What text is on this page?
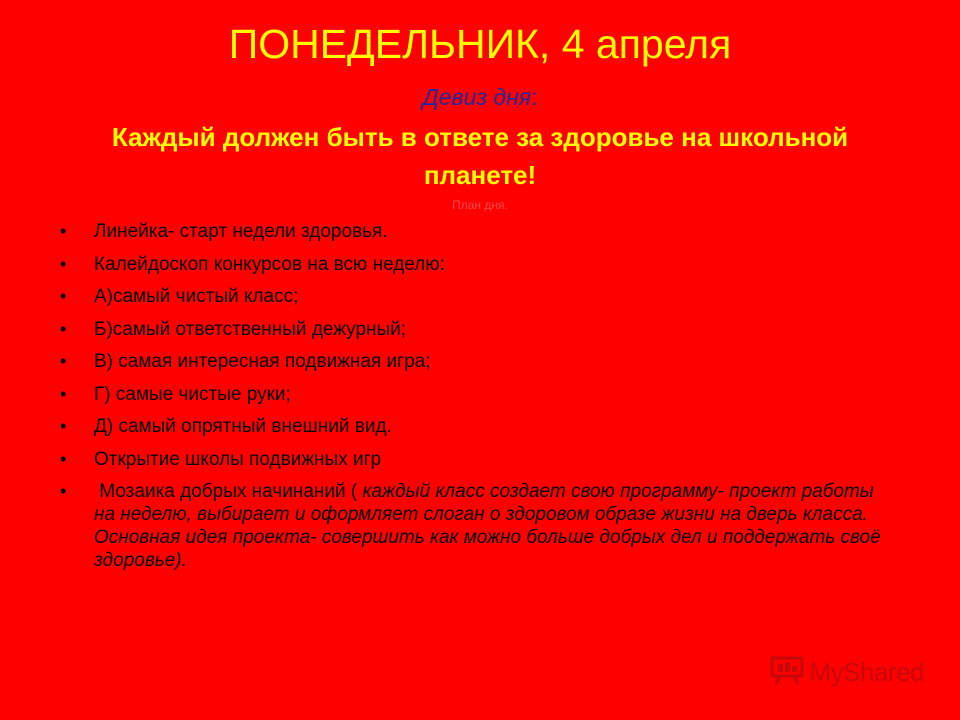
ПОНЕДЕЛЬНИК, 4 апреля
Девиз дня:
Каждый должен быть в ответе за здоровье на школьной планете!
План дня.
• Линейка- старт недели здоровья.
• Калейдоскоп конкурсов на всю неделю:
• А)самый чистый класс;
• Б)самый ответственный дежурный;
• В) самая интересная подвижная игра;
• Г) самые чистые руки;
• Д) самый опрятный внешний вид.
• Открытие школы подвижных игр
• Мозаика добрых начинаний ( каждый класс создает свою программу- проект работы на неделю, выбирает и оформляет слоган о здоровом образе жизни на дверь класса. Основная идея проекта- совершить как можно больше добрых дел и поддержать своё здоровье).
MyShared
